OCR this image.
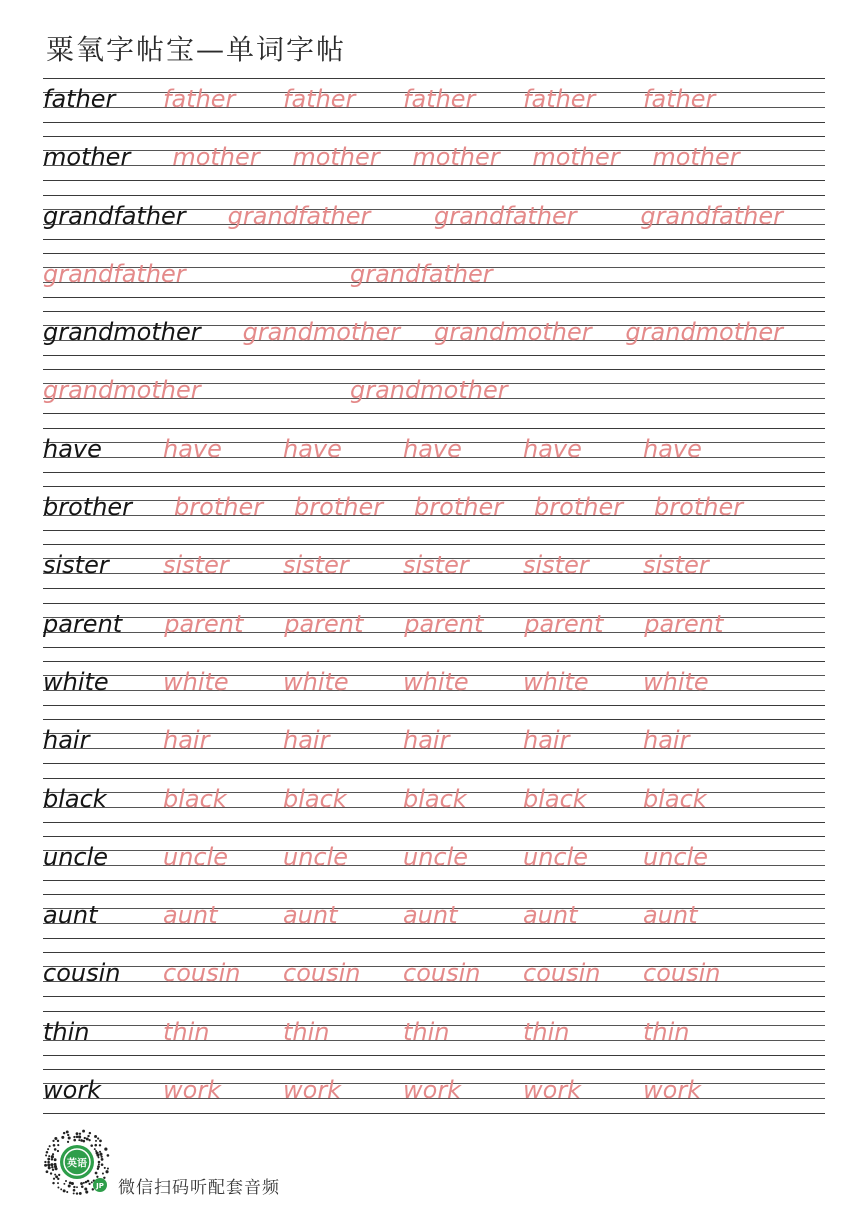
粟氧字帖宝—单词字帖
father father father father father father
mother mother mother mother mother mother
grandfather grandfather	grandfather	grandfather
grandfather	grandfather
grandmother grandmother grandmother grandmother
grandmother	grandmother
have	have	have	have	have	have
brother brother brother brother brother brother
sister sister sister sister sister sister
parent parent parent parent parent parent
white white white white white white
hair	hair	hair	hair	hair	hair
black black black black black black
uncle uncle uncle uncle uncle uncle
aunt	aunt	aunt	aunt	aunt	aunt
cousin cousin cousin cousin cousin cousin
thin	thin	thin	thin	thin	thin
work	work	work	work	work	work
英语
JP 微信扫码听配套音频
